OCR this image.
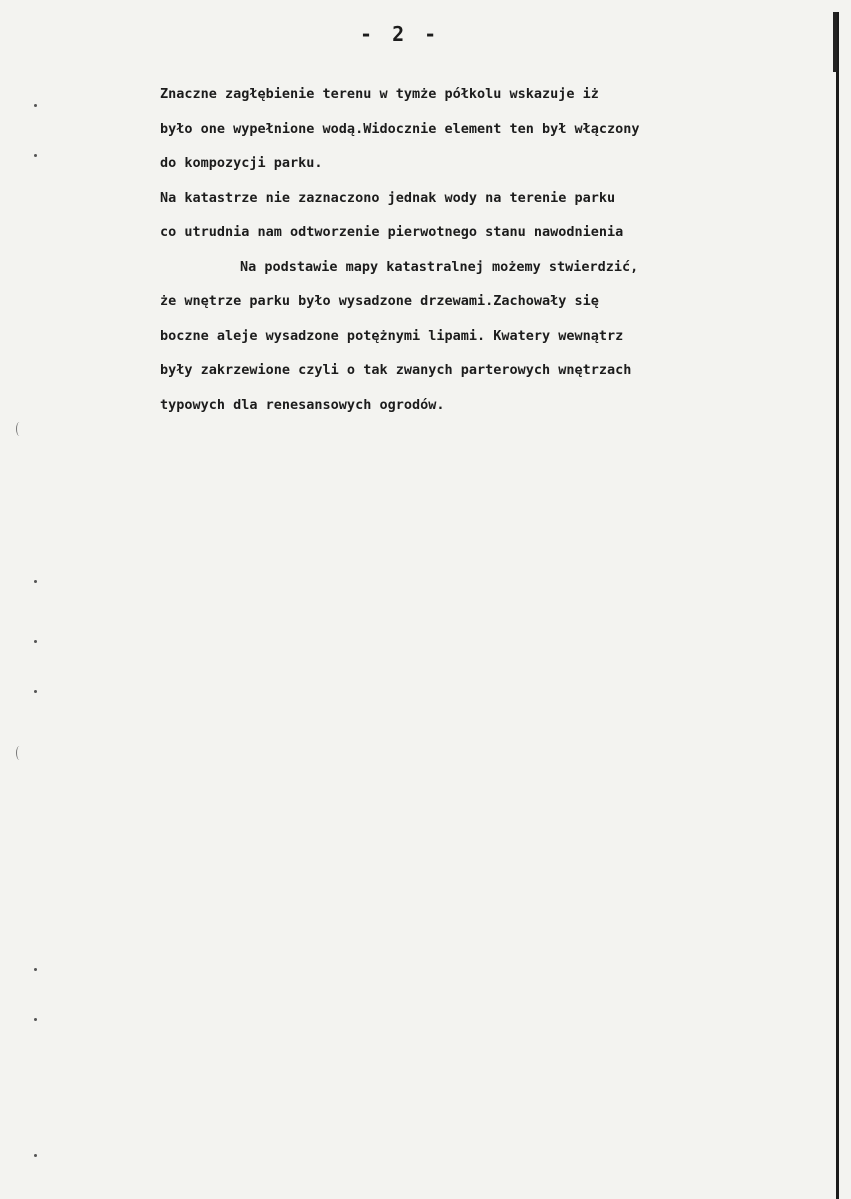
- 2 -
Znaczne zagłębienie terenu w tymże półkolu wskazuje iż
było one wypełnione wodą.Widocznie element ten był włączony
do kompozycji parku.
Na katastrze nie zaznaczono jednak wody na terenie parku
co utrudnia nam odtworzenie pierwotnego stanu nawodnienia
Na podstawie mapy katastralnej możemy stwierdzić,
że wnętrze parku było wysadzone drzewami.Zachowały się
boczne aleje wysadzone potężnymi lipami. Kwatery wewnątrz
były zakrzewione czyli o tak zwanych parterowych wnętrzach
typowych dla renesansowych ogrodów.
